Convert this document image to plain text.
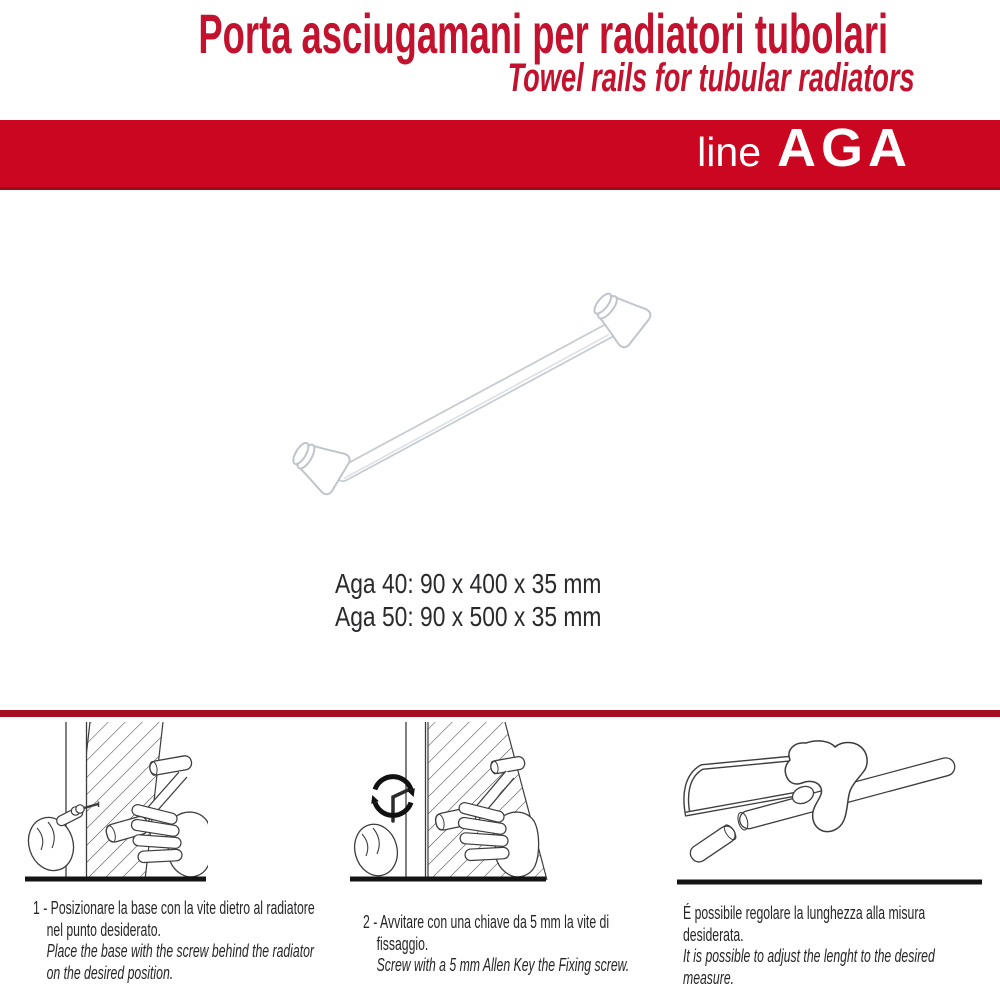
Porta asciugamani per radiatori tubolari
Towel rails for tubular radiators
line AGA
Aga 40: 90 x 400 x 35 mm
Aga 50: 90 x 500 x 35 mm
1 - Posizionare la base con la vite dietro al radiatore
nel punto desiderato.
Place the base with the screw behind the radiator
on the desired position.
2 - Avvitare con una chiave da 5 mm la vite di
fissaggio.
Screw with a 5 mm Allen Key the Fixing screw.
É possibile regolare la lunghezza alla misura
desiderata.
It is possible to adjust the lenght to the desired
measure.
